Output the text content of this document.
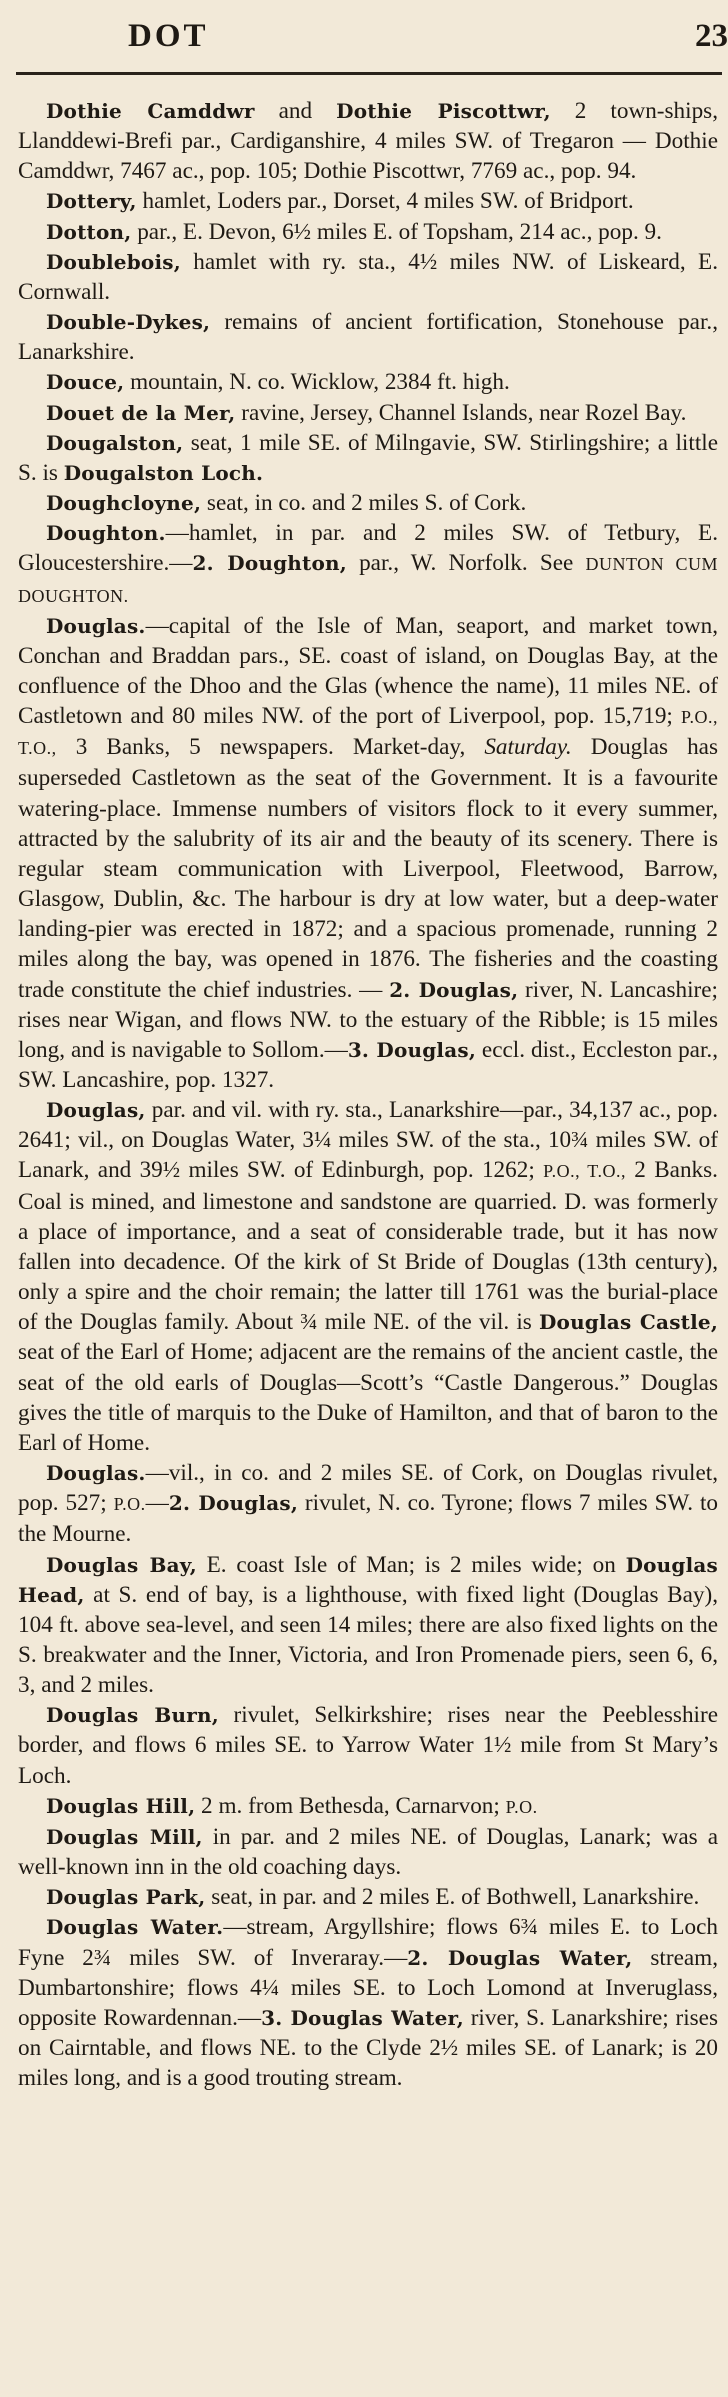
DOT	23

Dothie Camddwr and Dothie Piscottwr, 2 town-ships, Llanddewi-Brefi par., Cardiganshire, 4 miles SW. of Tregaron — Dothie Camddwr, 7467 ac., pop. 105; Dothie Piscottwr, 7769 ac., pop. 94.

Dottery, hamlet, Loders par., Dorset, 4 miles SW. of Bridport.

Dotton, par., E. Devon, 6½ miles E. of Topsham, 214 ac., pop. 9.

Doublebois, hamlet with ry. sta., 4½ miles NW. of Liskeard, E. Cornwall.

Double-Dykes, remains of ancient fortification, Stonehouse par., Lanarkshire.

Douce, mountain, N. co. Wicklow, 2384 ft. high.

Douet de la Mer, ravine, Jersey, Channel Islands, near Rozel Bay.

Dougalston, seat, 1 mile SE. of Milngavie, SW. Stirlingshire; a little S. is Dougalston Loch.

Doughcloyne, seat, in co. and 2 miles S. of Cork.

Doughton.—hamlet, in par. and 2 miles SW. of Tetbury, E. Gloucestershire.—2. Doughton, par., W. Norfolk. See DUNTON CUM DOUGHTON.

Douglas.—capital of the Isle of Man, seaport, and market town, Conchan and Braddan pars., SE. coast of island, on Douglas Bay, at the confluence of the Dhoo and the Glas (whence the name), 11 miles NE. of Castletown and 80 miles NW. of the port of Liverpool, pop. 15,719; P.O., T.O., 3 Banks, 5 newspapers. Market-day, Saturday. Douglas has superseded Castletown as the seat of the Government. It is a favourite watering-place. Immense numbers of visitors flock to it every summer, attracted by the salubrity of its air and the beauty of its scenery. There is regular steam communication with Liverpool, Fleetwood, Barrow, Glasgow, Dublin, &c. The harbour is dry at low water, but a deep-water landing-pier was erected in 1872; and a spacious promenade, running 2 miles along the bay, was opened in 1876. The fisheries and the coasting trade constitute the chief industries. — 2. Douglas, river, N. Lancashire; rises near Wigan, and flows NW. to the estuary of the Ribble; is 15 miles long, and is navigable to Sollom.—3. Douglas, eccl. dist., Eccleston par., SW. Lancashire, pop. 1327.

Douglas, par. and vil. with ry. sta., Lanarkshire—par., 34,137 ac., pop. 2641; vil., on Douglas Water, 3¼ miles SW. of the sta., 10¾ miles SW. of Lanark, and 39½ miles SW. of Edinburgh, pop. 1262; P.O., T.O., 2 Banks. Coal is mined, and limestone and sandstone are quarried. D. was formerly a place of importance, and a seat of considerable trade, but it has now fallen into decadence. Of the kirk of St Bride of Douglas (13th century), only a spire and the choir remain; the latter till 1761 was the burial-place of the Douglas family. About ¾ mile NE. of the vil. is Douglas Castle, seat of the Earl of Home; adjacent are the remains of the ancient castle, the seat of the old earls of Douglas—Scott’s “Castle Dangerous.” Douglas gives the title of marquis to the Duke of Hamilton, and that of baron to the Earl of Home.

Douglas.—vil., in co. and 2 miles SE. of Cork, on Douglas rivulet, pop. 527; P.O.—2. Douglas, rivulet, N. co. Tyrone; flows 7 miles SW. to the Mourne.

Douglas Bay, E. coast Isle of Man; is 2 miles wide; on Douglas Head, at S. end of bay, is a lighthouse, with fixed light (Douglas Bay), 104 ft. above sea-level, and seen 14 miles; there are also fixed lights on the S. breakwater and the Inner, Victoria, and Iron Promenade piers, seen 6, 6, 3, and 2 miles.

Douglas Burn, rivulet, Selkirkshire; rises near the Peeblesshire border, and flows 6 miles SE. to Yarrow Water 1½ mile from St Mary’s Loch.

Douglas Hill, 2 m. from Bethesda, Carnarvon; P.O.

Douglas Mill, in par. and 2 miles NE. of Douglas, Lanark; was a well-known inn in the old coaching days.

Douglas Park, seat, in par. and 2 miles E. of Bothwell, Lanarkshire.

Douglas Water.—stream, Argyllshire; flows 6¾ miles E. to Loch Fyne 2¾ miles SW. of Inveraray.—2. Douglas Water, stream, Dumbartonshire; flows 4¼ miles SE. to Loch Lomond at Inveruglass, opposite Rowardennan.—3. Douglas Water, river, S. Lanarkshire; rises on Cairntable, and flows NE. to the Clyde 2½ miles SE. of Lanark; is 20 miles long, and is a good trouting stream.
